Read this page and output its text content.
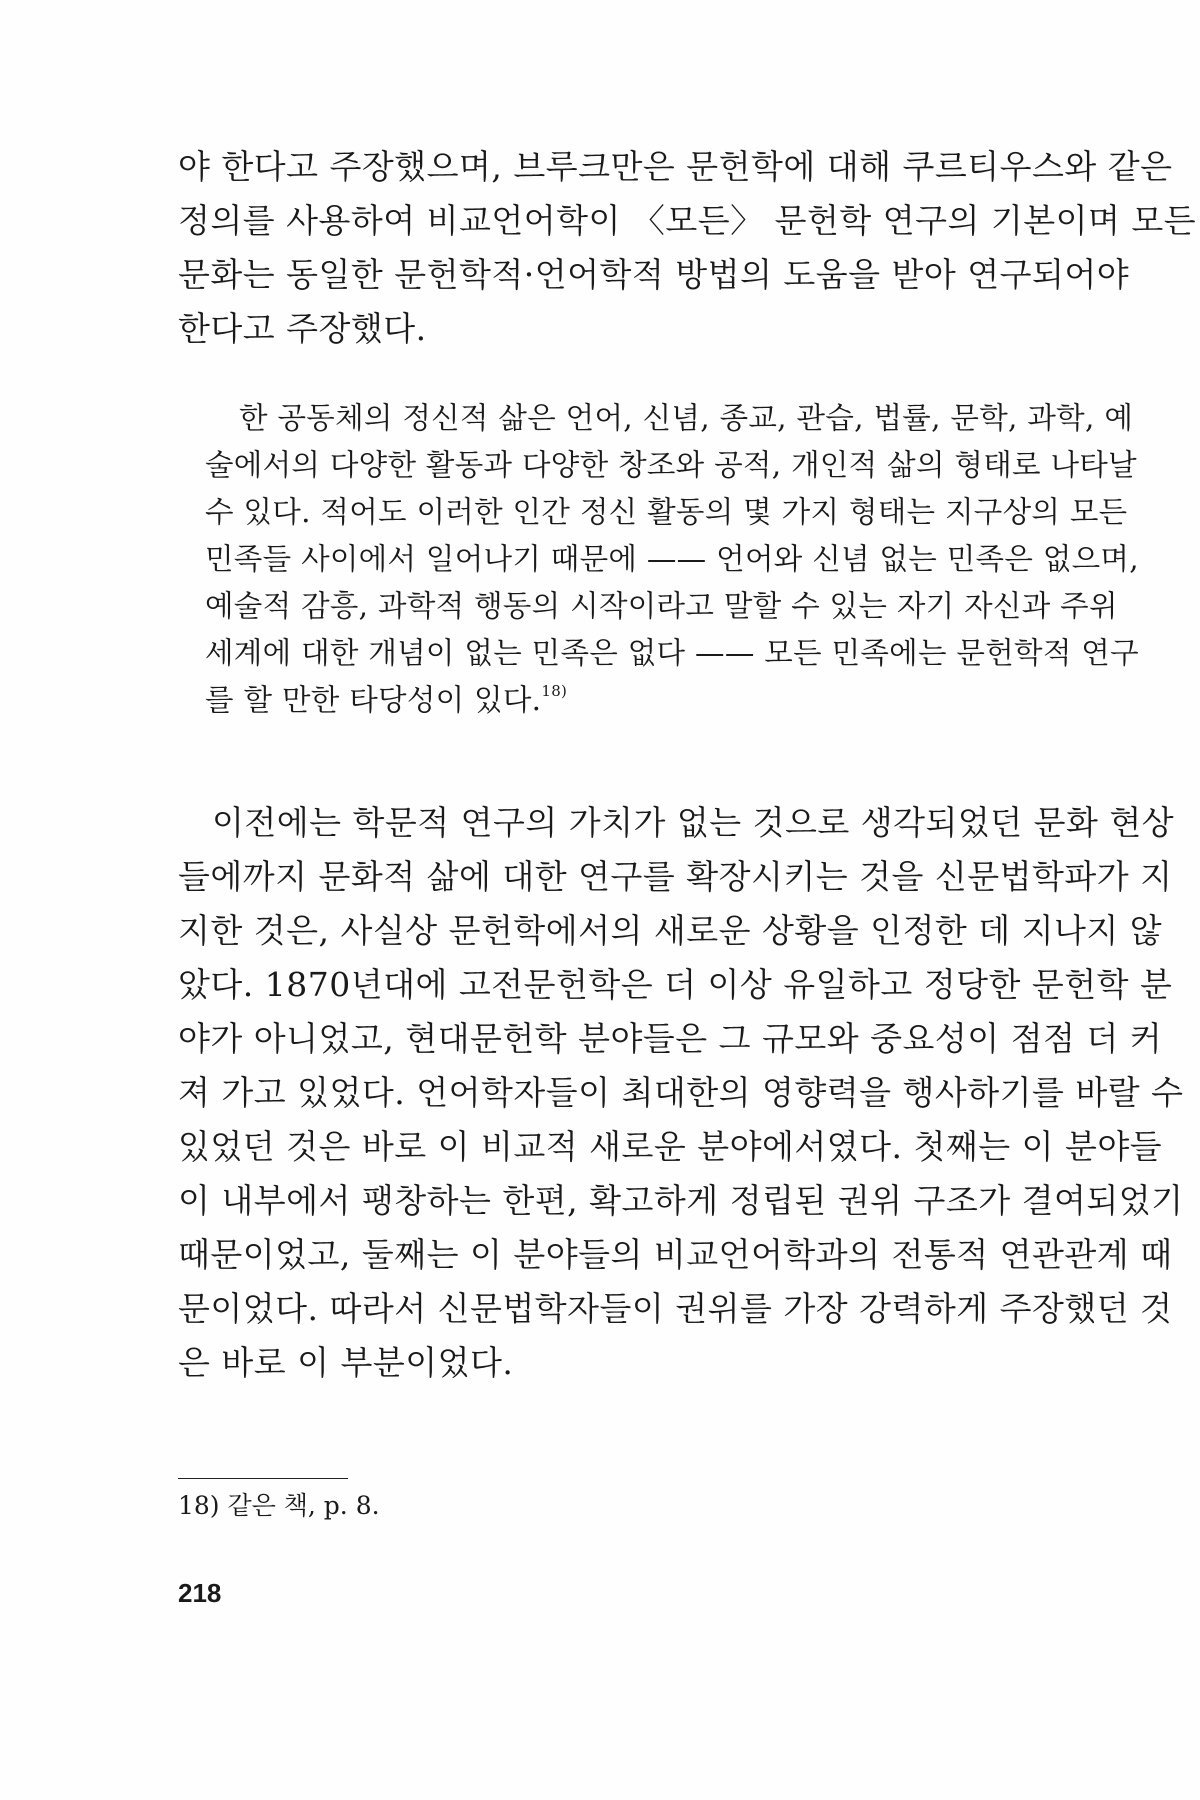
야 한다고 주장했으며, 브루크만은 문헌학에 대해 쿠르티우스와 같은
정의를 사용하여 비교언어학이 〈모든〉 문헌학 연구의 기본이며 모든
문화는 동일한 문헌학적·언어학적 방법의 도움을 받아 연구되어야
한다고 주장했다.

한 공동체의 정신적 삶은 언어, 신념, 종교, 관습, 법률, 문학, 과학, 예
술에서의 다양한 활동과 다양한 창조와 공적, 개인적 삶의 형태로 나타날
수 있다. 적어도 이러한 인간 정신 활동의 몇 가지 형태는 지구상의 모든
민족들 사이에서 일어나기 때문에 —— 언어와 신념 없는 민족은 없으며,
예술적 감흥, 과학적 행동의 시작이라고 말할 수 있는 자기 자신과 주위
세계에 대한 개념이 없는 민족은 없다 —— 모든 민족에는 문헌학적 연구
를 할 만한 타당성이 있다.$^{18)}$

이전에는 학문적 연구의 가치가 없는 것으로 생각되었던 문화 현상
들에까지 문화적 삶에 대한 연구를 확장시키는 것을 신문법학파가 지
지한 것은, 사실상 문헌학에서의 새로운 상황을 인정한 데 지나지 않
았다. 1870년대에 고전문헌학은 더 이상 유일하고 정당한 문헌학 분
야가 아니었고, 현대문헌학 분야들은 그 규모와 중요성이 점점 더 커
져 가고 있었다. 언어학자들이 최대한의 영향력을 행사하기를 바랄 수
있었던 것은 바로 이 비교적 새로운 분야에서였다. 첫째는 이 분야들
이 내부에서 팽창하는 한편, 확고하게 정립된 권위 구조가 결여되었기
때문이었고, 둘째는 이 분야들의 비교언어학과의 전통적 연관관계 때
문이었다. 따라서 신문법학자들이 권위를 가장 강력하게 주장했던 것
은 바로 이 부분이었다.

18) 같은 책, p. 8.

218
